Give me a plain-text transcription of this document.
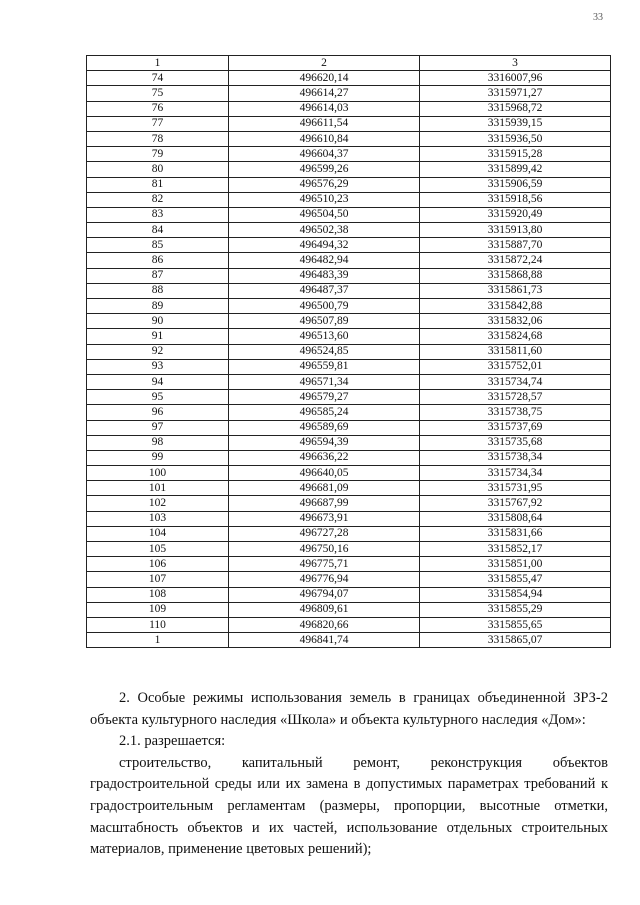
33
1	2	3
74	496620,14	3316007,96
75	496614,27	3315971,27
76	496614,03	3315968,72
77	496611,54	3315939,15
78	496610,84	3315936,50
79	496604,37	3315915,28
80	496599,26	3315899,42
81	496576,29	3315906,59
82	496510,23	3315918,56
83	496504,50	3315920,49
84	496502,38	3315913,80
85	496494,32	3315887,70
86	496482,94	3315872,24
87	496483,39	3315868,88
88	496487,37	3315861,73
89	496500,79	3315842,88
90	496507,89	3315832,06
91	496513,60	3315824,68
92	496524,85	3315811,60
93	496559,81	3315752,01
94	496571,34	3315734,74
95	496579,27	3315728,57
96	496585,24	3315738,75
97	496589,69	3315737,69
98	496594,39	3315735,68
99	496636,22	3315738,34
100	496640,05	3315734,34
101	496681,09	3315731,95
102	496687,99	3315767,92
103	496673,91	3315808,64
104	496727,28	3315831,66
105	496750,16	3315852,17
106	496775,71	3315851,00
107	496776,94	3315855,47
108	496794,07	3315854,94
109	496809,61	3315855,29
110	496820,66	3315855,65
1	496841,74	3315865,07

2. Особые режимы использования земель в границах объединенной ЗРЗ-2 объекта культурного наследия «Школа» и объекта культурного наследия «Дом»:

2.1. разрешается:

строительство, капитальный ремонт, реконструкция объектов градостроительной среды или их замена в допустимых параметрах требований к градостроительным регламентам (размеры, пропорции, высотные отметки, масштабность объектов и их частей, использование отдельных строительных материалов, применение цветовых решений);
